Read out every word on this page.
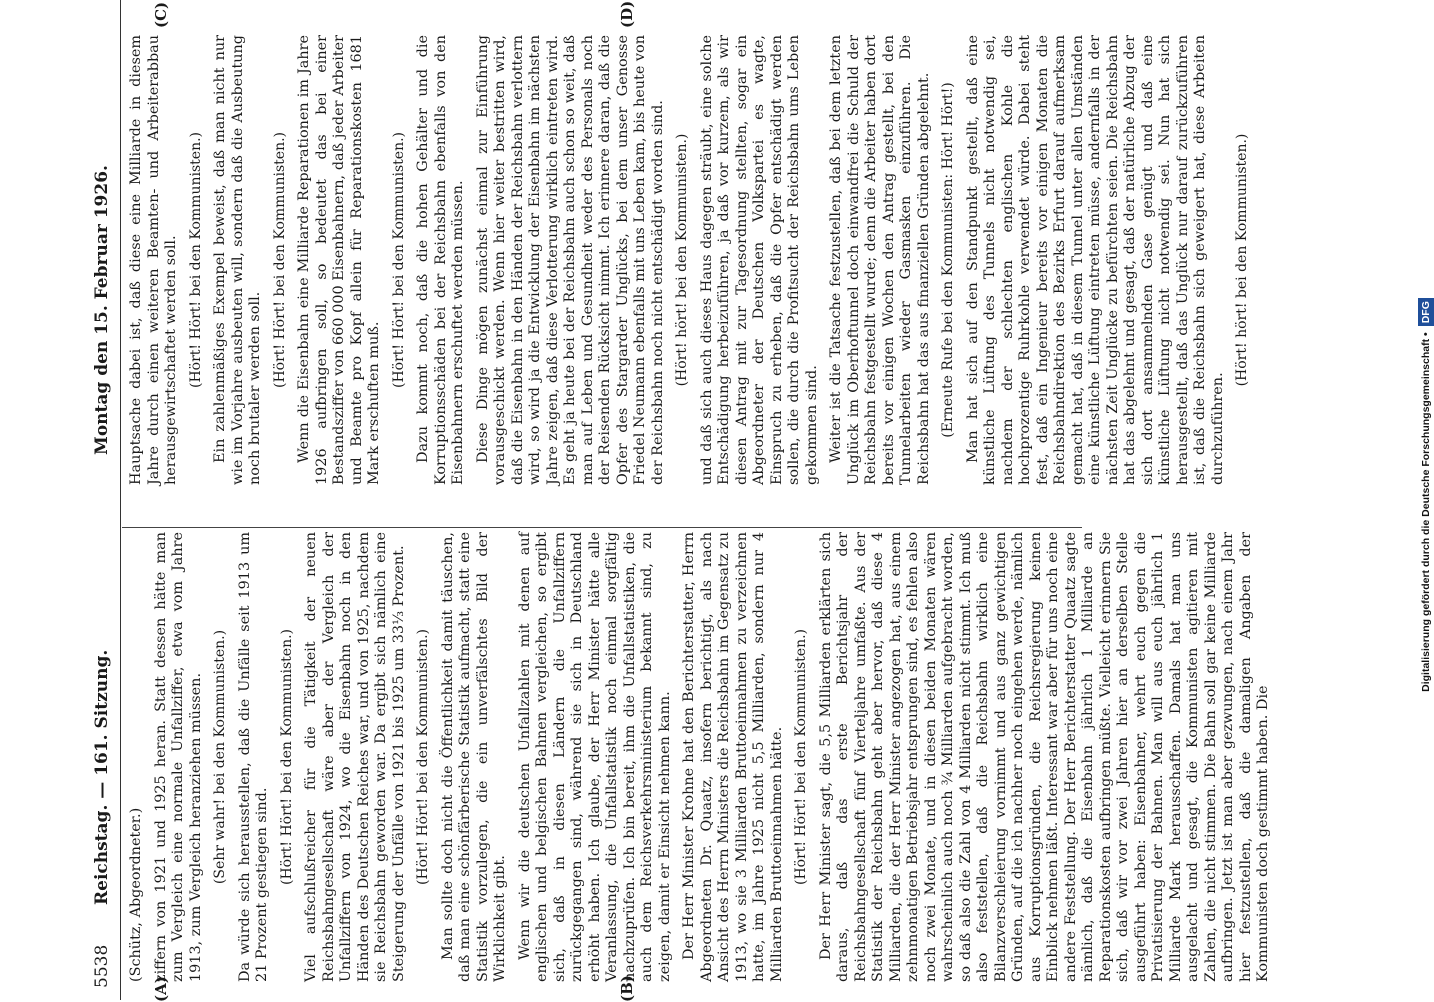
5538
Reichstag. — 161. Sitzung.
Montag den 15. Februar 1926.
(A)	(B)
(C)	(D)

(Schütz, Abgeordneter.) ziffern von 1921 und 1925 heran. Statt dessen hätte man zum Vergleich eine normale Unfallziffer, etwa vom Jahre 1913, zum Vergleich heranziehen müssen. (Sehr wahr! bei den Kommunisten.) Da würde sich herausstellen, daß die Unfälle seit 1913 um 21 Prozent gestiegen sind. (Hört! Hört! bei den Kommunisten.) Viel aufschlußreicher für die Tätigkeit der neuen Reichsbahngesellschaft wäre aber der Vergleich der Unfallziffern von 1924, wo die Eisenbahn noch in den Händen des Deutschen Reiches war, und von 1925, nachdem sie Reichsbahn geworden war. Da ergibt sich nämlich eine Steigerung der Unfälle von 1921 bis 1925 um 33⅓ Prozent. (Hört! Hört! bei den Kommunisten.) Man sollte doch nicht die Öffentlichkeit damit täuschen, daß man eine schönfärberische Statistik aufmacht, statt eine Statistik vorzulegen, die ein unverfälschtes Bild der Wirklichkeit gibt. Wenn wir die deutschen Unfallzahlen mit denen auf englischen und belgischen Bahnen vergleichen, so ergibt sich, daß in diesen Ländern die Unfallziffern zurückgegangen sind, während sie sich in Deutschland erhöht haben. Ich glaube, der Herr Minister hätte alle Veranlassung, die Unfallstatistik noch einmal sorgfältig nachzuprüfen. Ich bin bereit, ihm die Unfallstatistiken, die auch dem Reichsverkehrsministerium bekannt sind, zu zeigen, damit er Einsicht nehmen kann. Der Herr Minister Krohne hat den Berichterstatter, Herrn Abgeordneten Dr. Quaatz, insofern berichtigt, als nach Ansicht des Herrn Ministers die Reichsbahn im Gegensatz zu 1913, wo sie 3 Milliarden Bruttoeinnahmen zu verzeichnen hatte, im Jahre 1925 nicht 5,5 Milliarden, sondern nur 4 Milliarden Bruttoeinnahmen hätte. (Hört! Hört! bei den Kommunisten.) Der Herr Minister sagt, die 5,5 Milliarden erklärten sich daraus, daß das erste Berichtsjahr der Reichsbahngesellschaft fünf Vierteljahre umfaßte. Aus der Statistik der Reichsbahn geht aber hervor, daß diese 4 Milliarden, die der Herr Minister angezogen hat, aus einem zehnmonatigen Betriebsjahr entsprungen sind, es fehlen also noch zwei Monate, und in diesen beiden Monaten wären wahrscheinlich auch noch ¾ Milliarden aufgebracht worden, so daß also die Zahl von 4 Milliarden nicht stimmt. Ich muß also feststellen, daß die Reichsbahn wirklich eine Bilanzverschleierung vornimmt und aus ganz gewichtigen Gründen, auf die ich nachher noch eingehen werde, nämlich aus Korruptionsgründen, die Reichsregierung keinen Einblick nehmen läßt. Interessant war aber für uns noch eine andere Feststellung. Der Herr Berichterstatter Quaatz sagte nämlich, daß die Eisenbahn jährlich 1 Milliarde an Reparationskosten aufbringen müßte. Vielleicht erinnern Sie sich, daß wir vor zwei Jahren hier an derselben Stelle ausgeführt haben: Eisenbahner, wehrt euch gegen die Privatisierung der Bahnen. Man will aus euch jährlich 1 Milliarde Mark herausschaffen. Damals hat man uns ausgelacht und gesagt, die Kommunisten agitieren mit Zahlen, die nicht stimmen. Die Bahn soll gar keine Milliarde aufbringen. Jetzt ist man aber gezwungen, nach einem Jahr hier festzustellen, daß die damaligen Angaben der Kommunisten doch gestimmt haben. Die

Hauptsache dabei ist, daß diese eine Milliarde in diesem Jahre durch einen weiteren Beamten- und Arbeiterabbau herausgewirtschaftet werden soll. (Hört! Hört! bei den Kommunisten.) Ein zahlenmäßiges Exempel beweist, daß man nicht nur wie im Vorjahre ausbeuten will, sondern daß die Ausbeutung noch brutaler werden soll.

(Hört! Hört! bei den Kommunisten.) Wenn die Eisenbahn eine Milliarde Reparationen im Jahre 1926 aufbringen soll, so bedeutet das bei einer Bestandsziffer von 660 000 Eisenbahnern, daß jeder Arbeiter und Beamte pro Kopf allein für Reparationskosten 1681 Mark erschuften muß.

(Hört! Hört! bei den Kommunisten.) Dazu kommt noch, daß die hohen Gehälter und die Korruptionsschäden bei der Reichsbahn ebenfalls von den Eisenbahnern erschuftet werden müssen. Diese Dinge mögen zunächst einmal zur Einführung vorausgeschickt werden. Wenn hier weiter bestritten wird, daß die Eisenbahn in den Händen der Reichsbahn verlottern wird, so wird ja die Entwicklung der Eisenbahn im nächsten Jahre zeigen, daß diese Verlotterung wirklich eintreten wird. Es geht ja heute bei der Reichsbahn auch schon so weit, daß man auf Leben und Gesundheit weder des Personals noch der Reisenden Rücksicht nimmt. Ich erinnere daran, daß die Opfer des Stargarder Unglücks, bei dem unser Genosse Friedel Neumann ebenfalls mit uns Leben kam, bis heute von der Reichsbahn noch nicht entschädigt worden sind. (Hört! hört! bei den Kommunisten.) und daß sich auch dieses Haus dagegen sträubt, eine solche Entschädigung herbeizuführen, ja daß vor kurzem, als wir diesen Antrag mit zur Tagesordnung stellten, sogar ein Abgeordneter der Deutschen Volkspartei es wagte, Einspruch zu erheben, daß die Opfer entschädigt werden sollen, die durch die Profitsucht der Reichsbahn ums Leben gekommen sind. Weiter ist die Tatsache festzustellen, daß bei dem letzten Unglück im Oberhoftunnel doch einwandfrei die Schuld der Reichsbahn festgestellt wurde; denn die Arbeiter haben dort bereits vor einigen Wochen den Antrag gestellt, bei den Tunnelarbeiten wieder Gasmasken einzuführen. Die Reichsbahn hat das aus finanziellen Gründen abgelehnt. (Erneute Rufe bei den Kommunisten: Hört! Hört!) Man hat sich auf den Standpunkt gestellt, daß eine künstliche Lüftung des Tunnels nicht notwendig sei, nachdem der schlechten englischen Kohle die hochprozentige Ruhrkohle verwendet würde. Dabei steht fest, daß ein Ingenieur bereits vor einigen Monaten die Reichsbahndirektion des Bezirks Erfurt darauf aufmerksam gemacht hat, daß in diesem Tunnel unter allen Umständen eine künstliche Lüftung eintreten müsse, andernfalls in der nächsten Zeit Unglücke zu befürchten seien. Die Reichsbahn hat das abgelehnt und gesagt, daß der natürliche Abzug der sich dort ansammelnden Gase genügt und daß eine künstliche Lüftung nicht notwendig sei. Nun hat sich herausgestellt, daß das Unglück nur darauf zurückzuführen ist, daß die Reichsbahn sich geweigert hat, diese Arbeiten durchzuführen.

(Hört! hört! bei den Kommunisten.)

Digitalisierung gefördert durch die Deutsche Forschungsgemeinschaft •DFG
